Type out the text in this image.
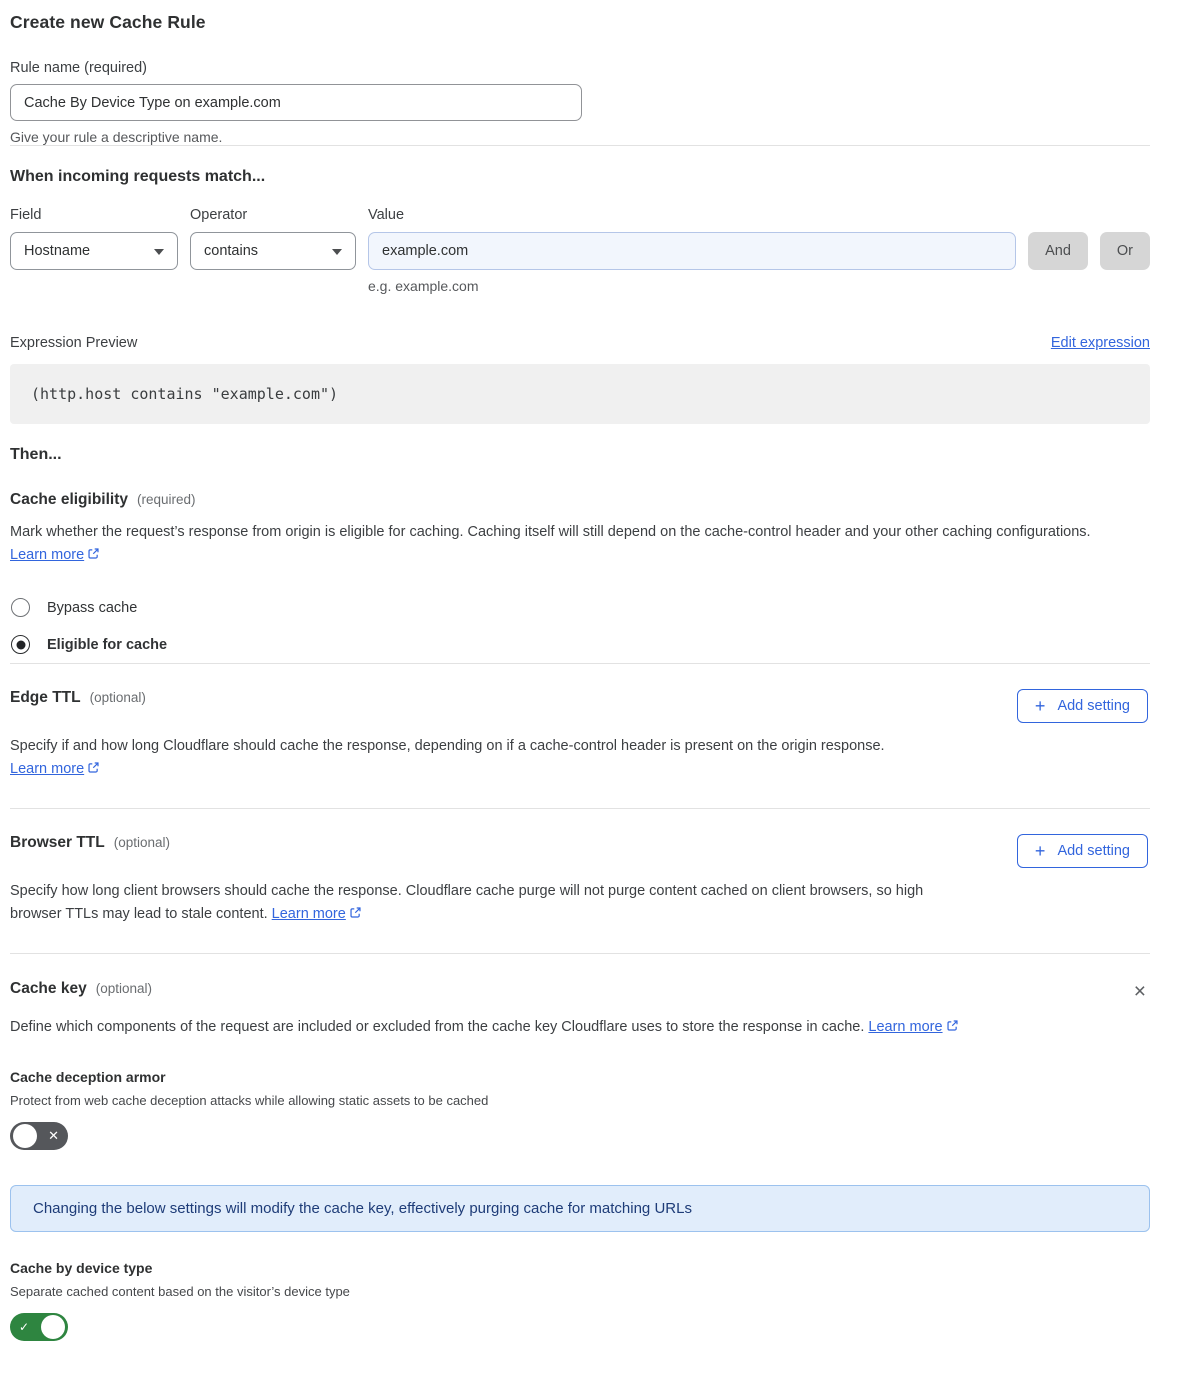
Create new Cache Rule
Rule name (required)
Cache By Device Type on example.com
Give your rule a descriptive name.
When incoming requests match...
Field
Hostname
Operator
contains
Value
example.com
And	Or
e.g. example.com
Expression Preview	Edit expression
(http.host contains "example.com")
Then...
Cache eligibility (required)

Mark whether the request’s response from origin is eligible for caching. Caching itself will still depend on the cache-control header and your other caching configurations. Learn more

Bypass cache
Eligible for cache
Edge TTL (optional)	+ Add setting

Specify if and how long Cloudflare should cache the response, depending on if a cache-control header is present on the origin response. Learn more

Browser TTL (optional)	+ Add setting

Specify how long client browsers should cache the response. Cloudflare cache purge will not purge content cached on client browsers, so high browser TTLs may lead to stale content. Learn more

Cache key (optional)	×

Define which components of the request are included or excluded from the cache key Cloudflare uses to store the response in cache. Learn more

Cache deception armor
Protect from web cache deception attacks while allowing static assets to be cached
✕
Changing the below settings will modify the cache key, effectively purging cache for matching URLs
Cache by device type
Separate cached content based on the visitor’s device type
✓
